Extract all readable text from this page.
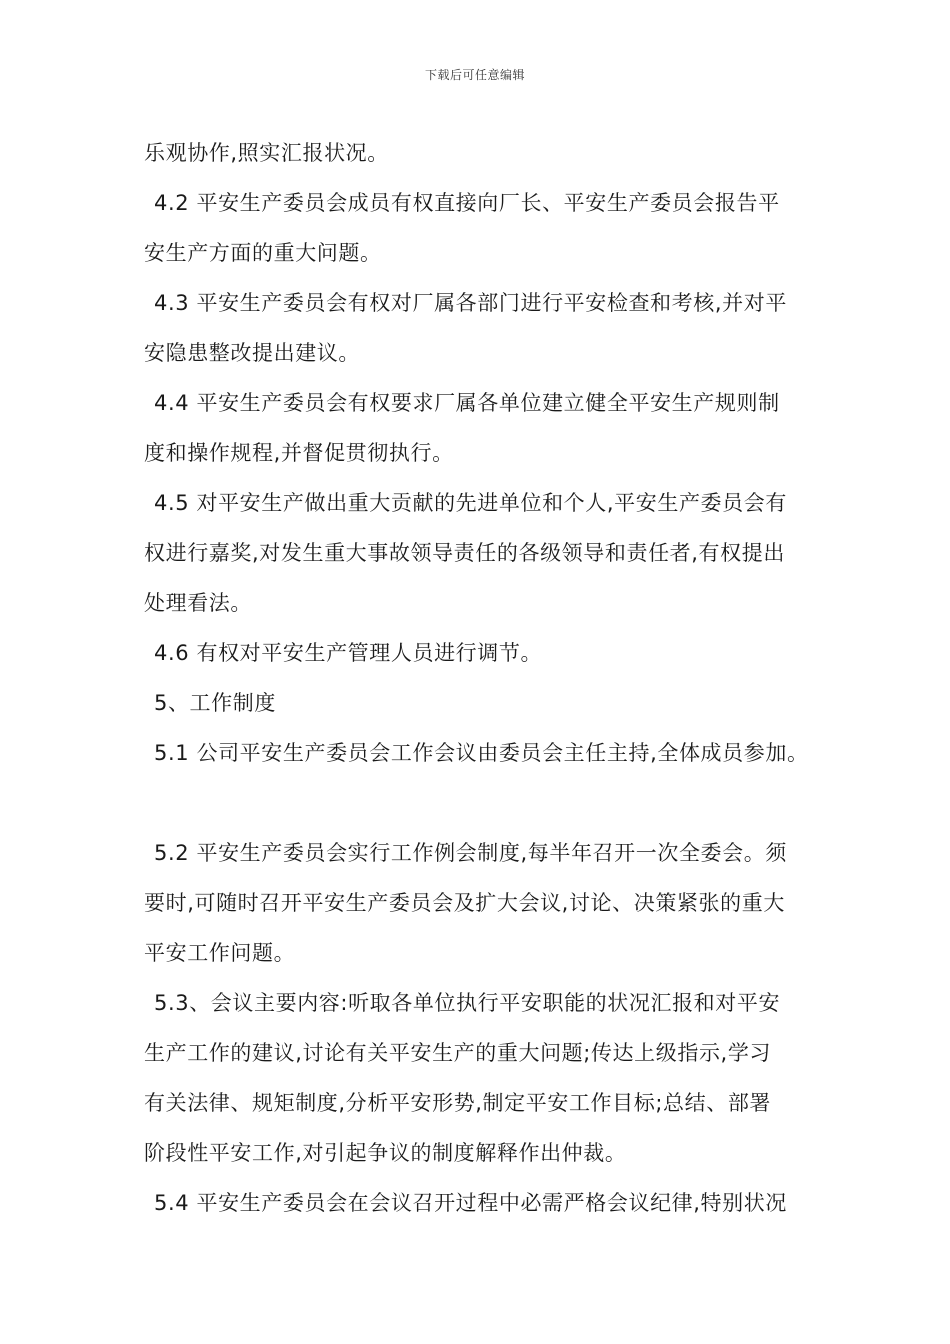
下载后可任意编辑
乐观协作,照实汇报状况。
4.2 平安生产委员会成员有权直接向厂长、平安生产委员会报告平
安生产方面的重大问题。
4.3 平安生产委员会有权对厂属各部门进行平安检查和考核,并对平
安隐患整改提出建议。
4.4 平安生产委员会有权要求厂属各单位建立健全平安生产规则制
度和操作规程,并督促贯彻执行。
4.5 对平安生产做出重大贡献的先进单位和个人,平安生产委员会有
权进行嘉奖,对发生重大事故领导责任的各级领导和责任者,有权提出
处理看法。
4.6 有权对平安生产管理人员进行调节。
5、工作制度
5.1 公司平安生产委员会工作会议由委员会主任主持,全体成员参加。
5.2 平安生产委员会实行工作例会制度,每半年召开一次全委会。须
要时,可随时召开平安生产委员会及扩大会议,讨论、决策紧张的重大
平安工作问题。
5.3、会议主要内容:听取各单位执行平安职能的状况汇报和对平安
生产工作的建议,讨论有关平安生产的重大问题;传达上级指示,学习
有关法律、规矩制度,分析平安形势,制定平安工作目标;总结、部署
阶段性平安工作,对引起争议的制度解释作出仲裁。
5.4 平安生产委员会在会议召开过程中必需严格会议纪律,特别状况
